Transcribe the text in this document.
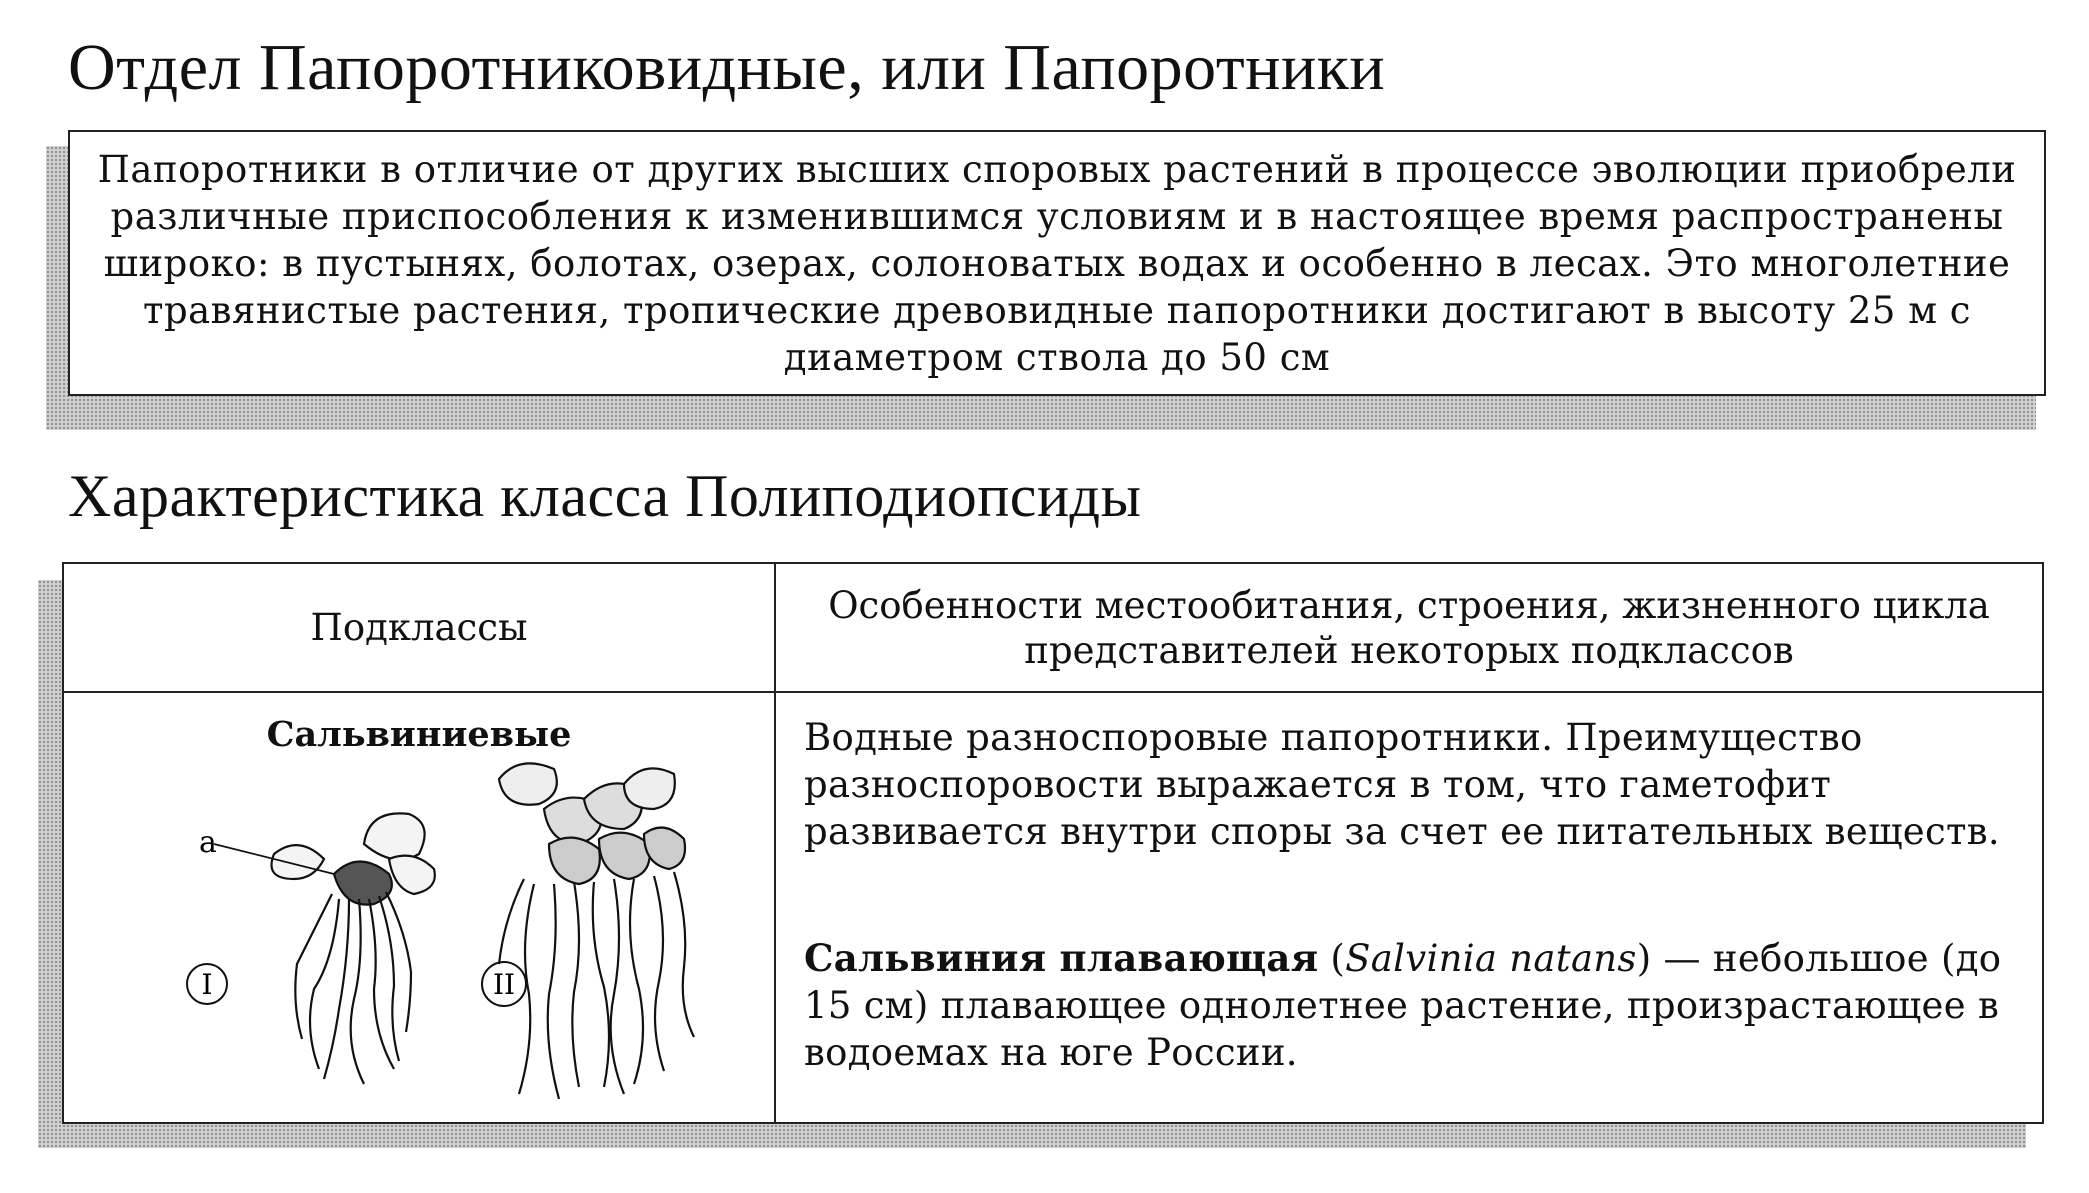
Отдел Папоротниковидные, или Папоротники

Папоротники в отличие от других высших споровых растений в процессе эволюции приобрели различные приспособления к изменившимся условиям и в настоящее время распространены широко: в пустынях, болотах, озерах, солоноватых водах и особенно в лесах. Это многолетние травянистые растения, тропические древовидные папоротники достигают в высоту 25 м с диаметром ствола до 50 см

Характеристика класса Полиподиопсиды
Подклассы
Особенности местообитания, строения, жизненного цикла представителей некоторых подклассов
Сальвиниевые
а
I	II

Водные разноспоровые папоротники. Преимущество разноспоровости выражается в том, что гаметофит развивается внутри споры за счет ее питательных веществ.

Сальвиния плавающая (Salvinia natans) — небольшое (до 15 см) плавающее однолетнее растение, произрастающее в водоемах на юге России.
